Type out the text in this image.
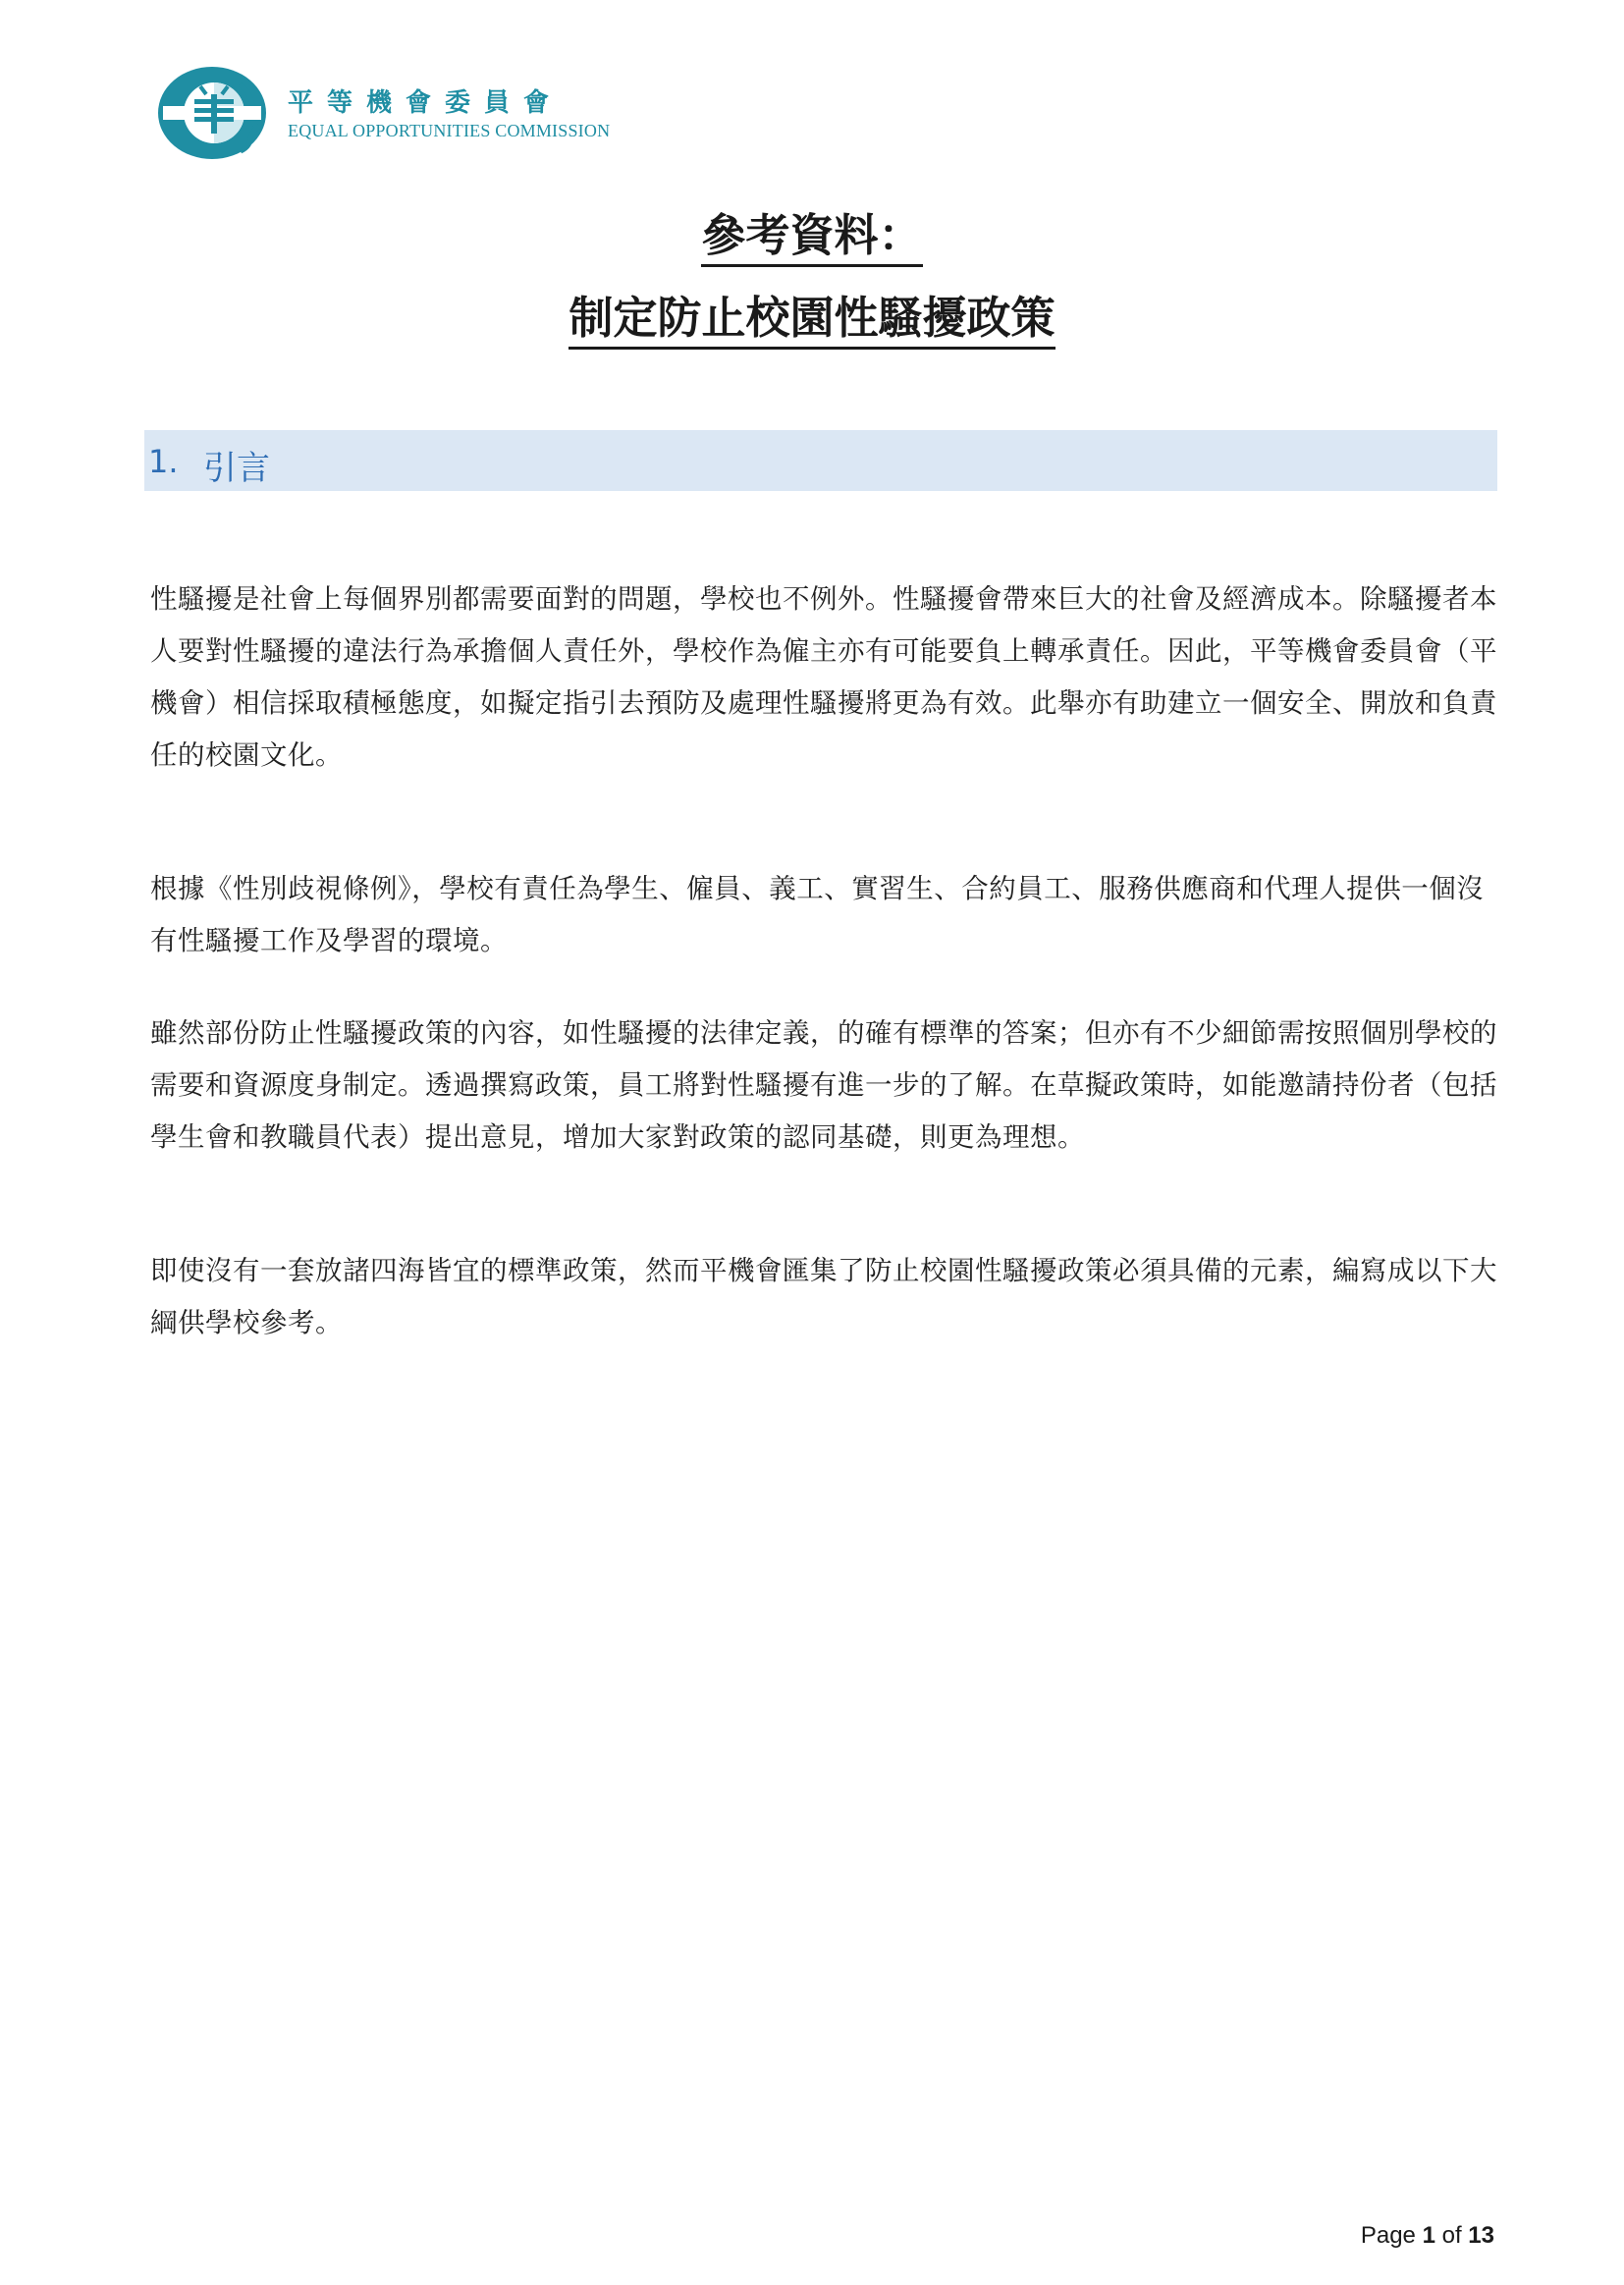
平等機會委員會
EQUAL OPPORTUNITIES COMMISSION
參考資料：
制定防止校園性騷擾政策
1. 引言

性騷擾是社會上每個界別都需要面對的問題，學校也不例外。性騷擾會帶來巨大的社會及經濟成本。除騷擾者本人要對性騷擾的違法行為承擔個人責任外，學校作為僱主亦有可能要負上轉承責任。因此，平等機會委員會（平機會）相信採取積極態度，如擬定指引去預防及處理性騷擾將更為有效。此舉亦有助建立一個安全、開放和負責任的校園文化。

根據《性別歧視條例》，學校有責任為學生、僱員、義工、實習生、合約員工、服務供應商和代理人提供一個沒有性騷擾工作及學習的環境。

雖然部份防止性騷擾政策的內容，如性騷擾的法律定義，的確有標準的答案；但亦有不少細節需按照個別學校的需要和資源度身制定。透過撰寫政策，員工將對性騷擾有進一步的了解。在草擬政策時，如能邀請持份者（包括學生會和教職員代表）提出意見，增加大家對政策的認同基礎，則更為理想。

即使沒有一套放諸四海皆宜的標準政策，然而平機會匯集了防止校園性騷擾政策必須具備的元素，編寫成以下大綱供學校參考。

Page 1 of 13
